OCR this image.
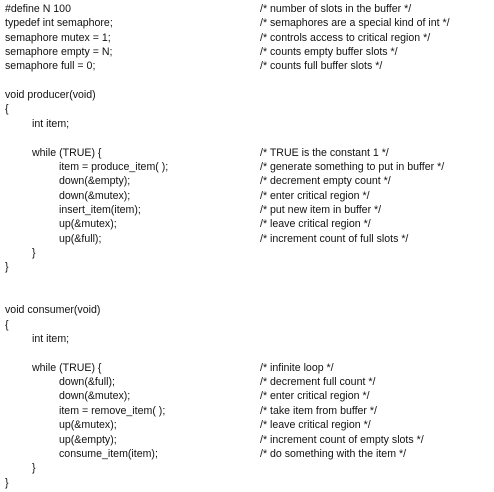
#define N 100	/* number of slots in the buffer */
typedef int semaphore;	/* semaphores are a special kind of int */
semaphore mutex = 1;	/* controls access to critical region */
semaphore empty = N;	/* counts empty buffer slots */
semaphore full = 0;	/* counts full buffer slots */
void producer(void)
{
int item;
while (TRUE) {	/* TRUE is the constant 1 */
item = produce_item( );	/* generate something to put in buffer */
down(&empty);	/* decrement empty count */
down(&mutex);	/* enter critical region */
insert_item(item);	/* put new item in buffer */
up(&mutex);	/* leave critical region */
up(&full);	/* increment count of full slots */
}
}
void consumer(void)
{
int item;
while (TRUE) {	/* infinite loop */
down(&full);	/* decrement full count */
down(&mutex);	/* enter critical region */
item = remove_item( );	/* take item from buffer */
up(&mutex);	/* leave critical region */
up(&empty);	/* increment count of empty slots */
consume_item(item);	/* do something with the item */
}
}
